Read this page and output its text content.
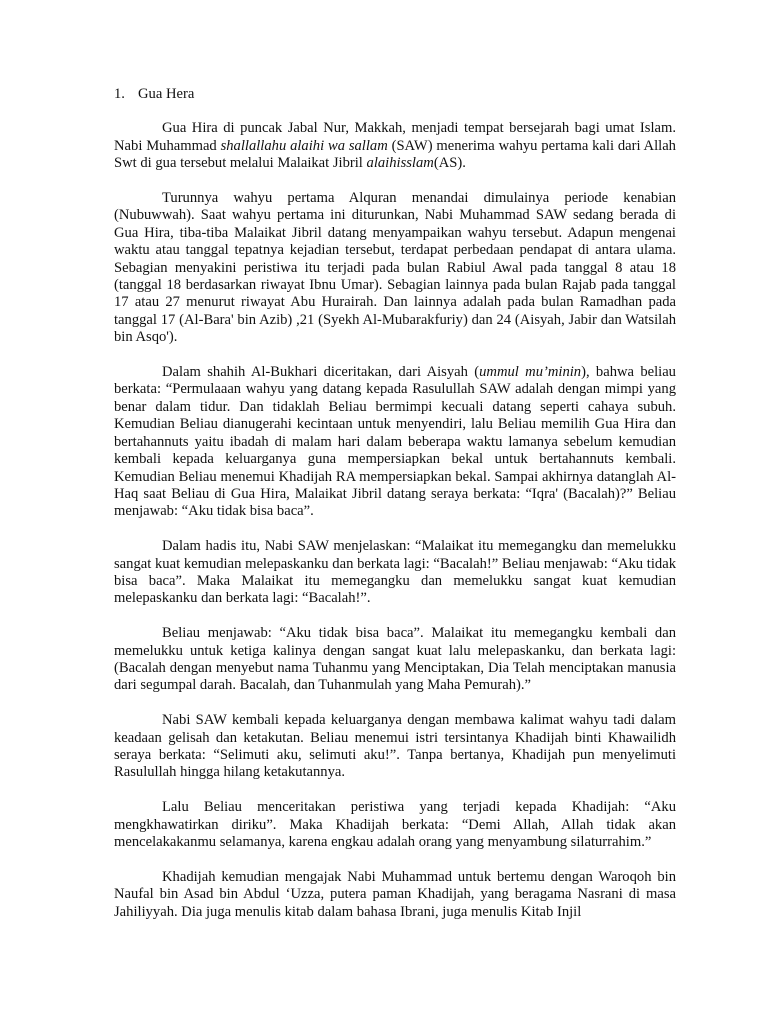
1. Gua Hera

Gua Hira di puncak Jabal Nur, Makkah, menjadi tempat bersejarah bagi umat Islam. Nabi Muhammad shallallahu alaihi wa sallam (SAW) menerima wahyu pertama kali dari Allah Swt di gua tersebut melalui Malaikat Jibril alaihisslam(AS).

Turunnya wahyu pertama Alquran menandai dimulainya periode kenabian (Nubuwwah). Saat wahyu pertama ini diturunkan, Nabi Muhammad SAW sedang berada di Gua Hira, tiba-tiba Malaikat Jibril datang menyampaikan wahyu tersebut. Adapun mengenai waktu atau tanggal tepatnya kejadian tersebut, terdapat perbedaan pendapat di antara ulama.
Sebagian menyakini peristiwa itu terjadi pada bulan Rabiul Awal pada tanggal 8 atau 18 (tanggal 18 berdasarkan riwayat Ibnu Umar). Sebagian lainnya pada bulan Rajab pada tanggal 17 atau 27 menurut riwayat Abu Hurairah. Dan lainnya adalah pada bulan Ramadhan pada tanggal 17 (Al-Bara' bin Azib) ,21 (Syekh Al-Mubarakfuriy) dan 24 (Aisyah, Jabir dan Watsilah bin Asqo').

Dalam shahih Al-Bukhari diceritakan, dari Aisyah (ummul mu’minin), bahwa beliau berkata: “Permulaaan wahyu yang datang kepada Rasulullah SAW adalah dengan mimpi yang benar dalam tidur. Dan tidaklah Beliau bermimpi kecuali datang seperti cahaya subuh. Kemudian Beliau dianugerahi kecintaan untuk menyendiri, lalu Beliau memilih Gua Hira dan bertahannuts yaitu ibadah di malam hari dalam beberapa waktu lamanya sebelum kemudian kembali kepada keluarganya guna mempersiapkan bekal untuk bertahannuts kembali.
Kemudian Beliau menemui Khadijah RA mempersiapkan bekal. Sampai akhirnya datanglah Al-Haq saat Beliau di Gua Hira, Malaikat Jibril datang seraya berkata: “Iqra' (Bacalah)?” Beliau menjawab: “Aku tidak bisa baca”.

Dalam hadis itu, Nabi SAW menjelaskan: “Malaikat itu memegangku dan memelukku sangat kuat kemudian melepaskanku dan berkata lagi: “Bacalah!” Beliau menjawab: “Aku tidak bisa baca”. Maka Malaikat itu memegangku dan memelukku sangat kuat kemudian melepaskanku dan berkata lagi: “Bacalah!”.

Beliau menjawab: “Aku tidak bisa baca”. Malaikat itu memegangku kembali dan memelukku untuk ketiga kalinya dengan sangat kuat lalu melepaskanku, dan berkata lagi: (Bacalah dengan menyebut nama Tuhanmu yang Menciptakan, Dia Telah menciptakan manusia dari segumpal darah. Bacalah, dan Tuhanmulah yang Maha Pemurah).”

Nabi SAW kembali kepada keluarganya dengan membawa kalimat wahyu tadi dalam keadaan gelisah dan ketakutan. Beliau menemui istri tersintanya Khadijah binti Khawailidh seraya berkata: “Selimuti aku, selimuti aku!”. Tanpa bertanya, Khadijah pun menyelimuti Rasulullah hingga hilang ketakutannya.

Lalu Beliau menceritakan peristiwa yang terjadi kepada Khadijah: “Aku mengkhawatirkan diriku”. Maka Khadijah berkata: “Demi Allah, Allah tidak akan mencelakakanmu selamanya, karena engkau adalah orang yang menyambung silaturrahim.”

Khadijah kemudian mengajak Nabi Muhammad untuk bertemu dengan Waroqoh bin Naufal bin Asad bin Abdul ‘Uzza, putera paman Khadijah, yang beragama Nasrani di masa Jahiliyyah. Dia juga menulis kitab dalam bahasa Ibrani, juga menulis Kitab Injil
